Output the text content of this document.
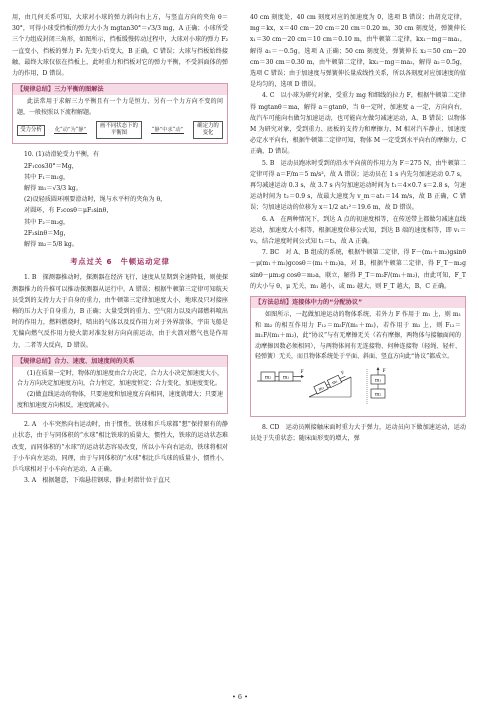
用，由几何关系可知，大球对小球的弹力斜向右上方，与竖直方向的夹角 θ＝30°，可得小球受挡板的弹力大小为 mgtan30°＝√3/3 mg，A 正确；小球所受三个力组成封闭三角形，如图所示，挡板缓慢转动过程中，大球对小球的弹力 F₂ 一直变小，挡板的弹力 F₁ 先变小后变大，B 正确，C 错误；大球与挡板始终接触，最终大球仅依在挡板上，此时重力和挡板对它的弹力平衡，不受斜面体的弹力的作用，D 错误。

【规律总结】三力平衡的图解法

此法常用于求解三力平衡且有一个力是恒力、另有一个力方向不变的问题，一般按照以下流程解题。

受力分析	化“动”为“静”
画不同状态下的平衡图
“静”中求“动”
确定力的变化

10. (1)动滑轮受力平衡，有

2F₁cos30°＝Mg，

其中 F₁＝m₁g，

解得 m₁＝√3/3 kg。

(2)设轻质圆环刚要滑动时，绳与水平杆的夹角为 θ，

对圆环，有 F₂cosθ＝μF₂sinθ，

其中 F₂＝m₂g，

2F₂sinθ＝Mg，

解得 m₂＝5/8 kg。

考点过关 6　牛顿运动定律

1. B　探测器推动时，探测器在经济飞行，速度从星期到全速降低，则使探测器推力的升推可以推动探测器从运行中，A 错误；根据牛顿第三定律可知航天员受到的支持力大于自身的重力，由牛顿第三定律加速度大小，地球及只对接座椅的压力大于自身重力，B 正确；大量受到的重力、空气阻力以及内部燃料喷出时的作用力，燃料燃烧时，喷出的气体以及反作用力对于外界箭体，宇宙飞船是无偏向燃气反作用力使火箭对准发射方向向前运动，由于火箭对燃气也是作用力，二者等大反向，D 错误。

【规律总结】合力、速度、加速度间的关系

(1)在质量一定时，物体的加速度由合力决定，合力大小决定加速度大小，合力方向决定加速度方向，合力恒定，加速度恒定；合力变化，加速度变化。

(2)做直线运动的物体，只要速度和加速度方向相同，速度就增大；只要速度和加速度方向相反，速度就减小。

2. A　小车突然向右运动时，由于惯性，铁球和乒乓球都“想”保持原有的静止状态，由于与同体积的“水球”相比铁球的质量大，惯性大，铁球的运动状态难改变，而同体积的“水球”的运动状态容易改变，所以小车向右运动，铁球将相对于小车向左运动，同理，由于与同体积的“水球”相比乒乓球的质量小，惯性小，乒乓球相对于小车向右运动，A 正确。

3. A　根据题意，下端悬挂钢球，静止时指针位于直尺

40 cm 刻度处，40 cm 刻度对应的加速度为 0，选项 B 错误；由胡克定律，mg＝kx，x＝40 cm－20 cm＝20 cm＝0.20 m，30 cm 刻度处，弹簧伸长 x₁＝30 cm－20 cm＝10 cm＝0.10 m，由牛顿第二定律，kx₁－mg＝ma₁，解得 a₁＝－0.5g，选项 A 正确；50 cm 刻度处，弹簧伸长 x₂＝50 cm－20 cm＝30 cm＝0.30 m，由牛顿第二定律，kx₂－mg＝ma₂，解得 a₂＝0.5g，选项 C 错误；由于加速度与弹簧伸长量成线性关系，所以各刻度对应加速度的值是均匀的，选项 D 错误。

4. C　以小球为研究对象，受重力 mg 和细线的拉力 F，根据牛顿第二定律得 mgtanθ＝ma，解得 a＝gtanθ，当 θ一定时，加速度 a 一定，方向向右，故汽车可能向右做匀加速运动，也可能向左做匀减速运动，A、B 错误；以物体 M 为研究对象，受到重力、底板的支持力和摩擦力，M 相对汽车静止，加速度必定水平向右，根据牛顿第二定律可知，物体 M 一定受到水平向右的摩擦力，C 正确，D 错误。

5. B　运动员跑冰时受到的沿水平向前的作用力为 F＝275 N，由牛顿第二定律可得 a＝F/m＝5 m/s²，故 A 错误；运动员在 1 s 内先匀加速运动 0.7 s，再匀减速运动 0.3 s，故 3.7 s 内匀加速运动时间为 t₁＝4×0.7 s＝2.8 s，匀速运动时间为 t₂＝0.9 s，故最大速度为 v_m＝at₁＝14 m/s，故 B 正确，C 错误；匀加速运动的位移为 x＝1/2 at₁²＝19.6 m，故 D 错误。

6. A　在两种情况下，到达 A 点的初速度相等，在传送带上都做匀减速直线运动，加速度大小相等，根据速度位移公式知，到达 B 端的速度相等，即 v₁＝v₂，结合速度时间公式知 t₁＝t₂，故 A 正确。

7. BC　对 A、B 组成的系统，根据牛顿第二定律，得 F－(m₁＋m₂)gsinθ－μ(m₁＋m₂)gcosθ＝(m₁＋m₂)a，对 B，根据牛顿第二定律，得 F_T－m₂g sinθ－μm₂g cosθ＝m₂a，联立，解得 F_T＝m₂F/(m₁＋m₂)，由此可知，F_T 的大小与 θ、μ 无关，m₁ 越小，或 m₂ 越大，则 F_T 越大，B、C 正确。

【方法总结】连接体中力的“分配协议”

如图所示，一起做加速运动的物体系统，若外力 F 作用于 m₁ 上，则 m₁ 和 m₂ 的相互作用力 F₁₂＝m₂F/(m₁＋m₂)，若作用于 m₂ 上，则 F₁₂＝m₁F/(m₁＋m₂)，此“协议”与有无摩擦无关（若有摩擦，两物体与接触面间的动摩擦因数必须相同），与两物体间有无连接物、何种连接物（轻绳、轻杆、轻弹簧）无关，而且物体系统处于平面、斜面、竖直方向此“协议”都成立。

m₂	m₁
F
m₂
m₁
F
m₂
m₁
F

8. CD　运动员刚接触床面时重力大于弹力，运动员向下做加速运动，运动员处于失重状态；随床面形变的增大，弹

• 6 •
